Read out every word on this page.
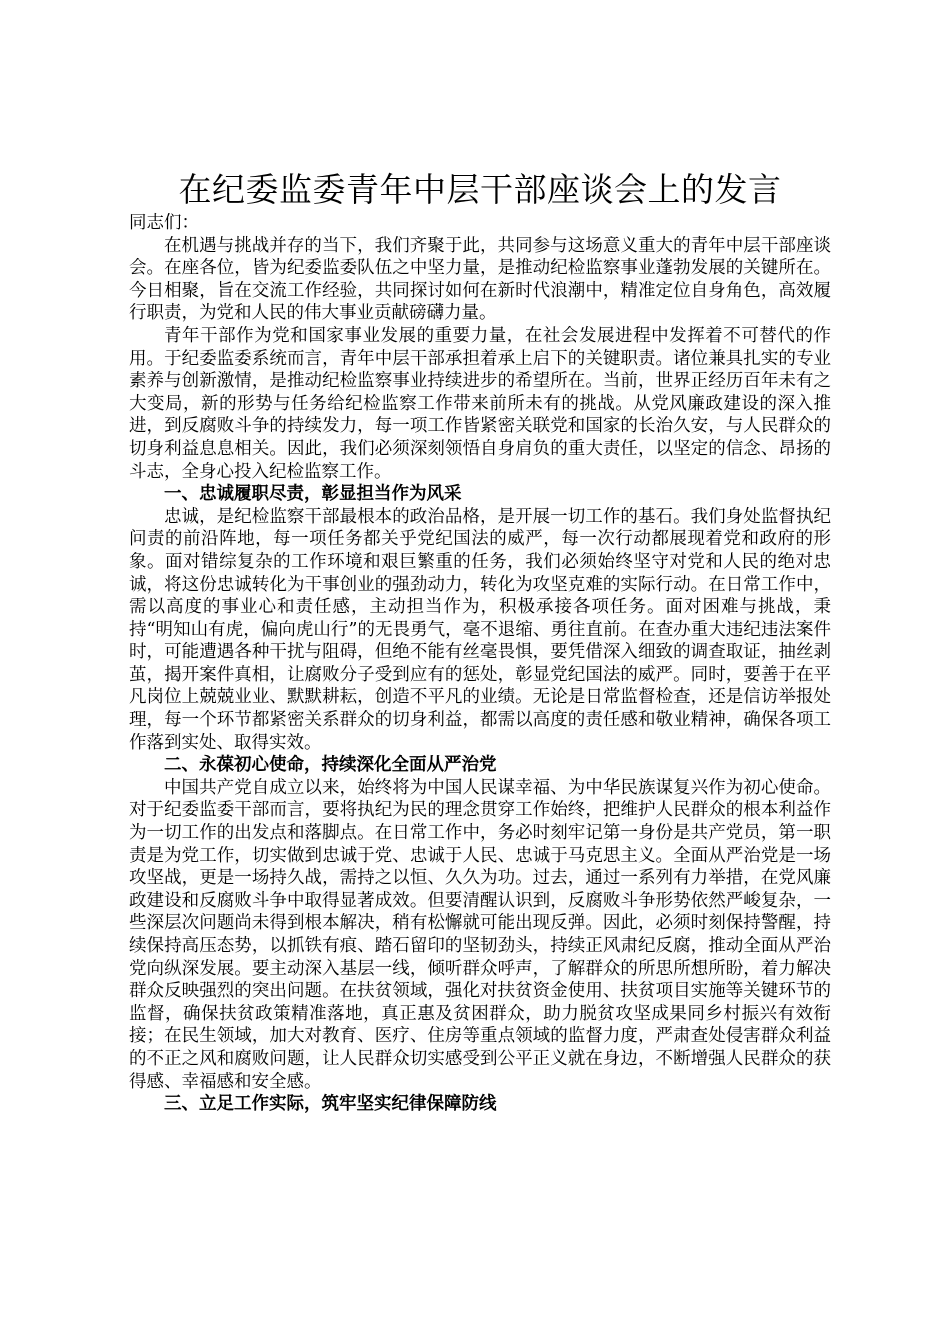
在纪委监委青年中层干部座谈会上的发言

同志们：

在机遇与挑战并存的当下，我们齐聚于此，共同参与这场意义重大的青年中层干部座谈会。在座各位，皆为纪委监委队伍之中坚力量，是推动纪检监察事业蓬勃发展的关键所在。今日相聚，旨在交流工作经验，共同探讨如何在新时代浪潮中，精准定位自身角色，高效履行职责，为党和人民的伟大事业贡献磅礴力量。

青年干部作为党和国家事业发展的重要力量，在社会发展进程中发挥着不可替代的作用。于纪委监委系统而言，青年中层干部承担着承上启下的关键职责。诸位兼具扎实的专业素养与创新激情，是推动纪检监察事业持续进步的希望所在。当前，世界正经历百年未有之大变局，新的形势与任务给纪检监察工作带来前所未有的挑战。从党风廉政建设的深入推进，到反腐败斗争的持续发力，每一项工作皆紧密关联党和国家的长治久安，与人民群众的切身利益息息相关。因此，我们必须深刻领悟自身肩负的重大责任，以坚定的信念、昂扬的斗志，全身心投入纪检监察工作。

一、忠诚履职尽责，彰显担当作为风采

忠诚，是纪检监察干部最根本的政治品格，是开展一切工作的基石。我们身处监督执纪问责的前沿阵地，每一项任务都关乎党纪国法的威严，每一次行动都展现着党和政府的形象。面对错综复杂的工作环境和艰巨繁重的任务，我们必须始终坚守对党和人民的绝对忠诚，将这份忠诚转化为干事创业的强劲动力，转化为攻坚克难的实际行动。在日常工作中，需以高度的事业心和责任感，主动担当作为，积极承接各项任务。面对困难与挑战，秉持“明知山有虎，偏向虎山行”的无畏勇气，毫不退缩、勇往直前。在查办重大违纪违法案件时，可能遭遇各种干扰与阻碍，但绝不能有丝毫畏惧，要凭借深入细致的调查取证，抽丝剥茧，揭开案件真相，让腐败分子受到应有的惩处，彰显党纪国法的威严。同时，要善于在平凡岗位上兢兢业业、默默耕耘，创造不平凡的业绩。无论是日常监督检查，还是信访举报处理，每一个环节都紧密关系群众的切身利益，都需以高度的责任感和敬业精神，确保各项工作落到实处、取得实效。

二、永葆初心使命，持续深化全面从严治党

中国共产党自成立以来，始终将为中国人民谋幸福、为中华民族谋复兴作为初心使命。对于纪委监委干部而言，要将执纪为民的理念贯穿工作始终，把维护人民群众的根本利益作为一切工作的出发点和落脚点。在日常工作中，务必时刻牢记第一身份是共产党员，第一职责是为党工作，切实做到忠诚于党、忠诚于人民、忠诚于马克思主义。全面从严治党是一场攻坚战，更是一场持久战，需持之以恒、久久为功。过去，通过一系列有力举措，在党风廉政建设和反腐败斗争中取得显著成效。但要清醒认识到，反腐败斗争形势依然严峻复杂，一些深层次问题尚未得到根本解决，稍有松懈就可能出现反弹。因此，必须时刻保持警醒，持续保持高压态势，以抓铁有痕、踏石留印的坚韧劲头，持续正风肃纪反腐，推动全面从严治党向纵深发展。要主动深入基层一线，倾听群众呼声，了解群众的所思所想所盼，着力解决群众反映强烈的突出问题。在扶贫领域，强化对扶贫资金使用、扶贫项目实施等关键环节的监督，确保扶贫政策精准落地，真正惠及贫困群众，助力脱贫攻坚成果同乡村振兴有效衔接；在民生领域，加大对教育、医疗、住房等重点领域的监督力度，严肃查处侵害群众利益的不正之风和腐败问题，让人民群众切实感受到公平正义就在身边，不断增强人民群众的获得感、幸福感和安全感。

三、立足工作实际，筑牢坚实纪律保障防线
